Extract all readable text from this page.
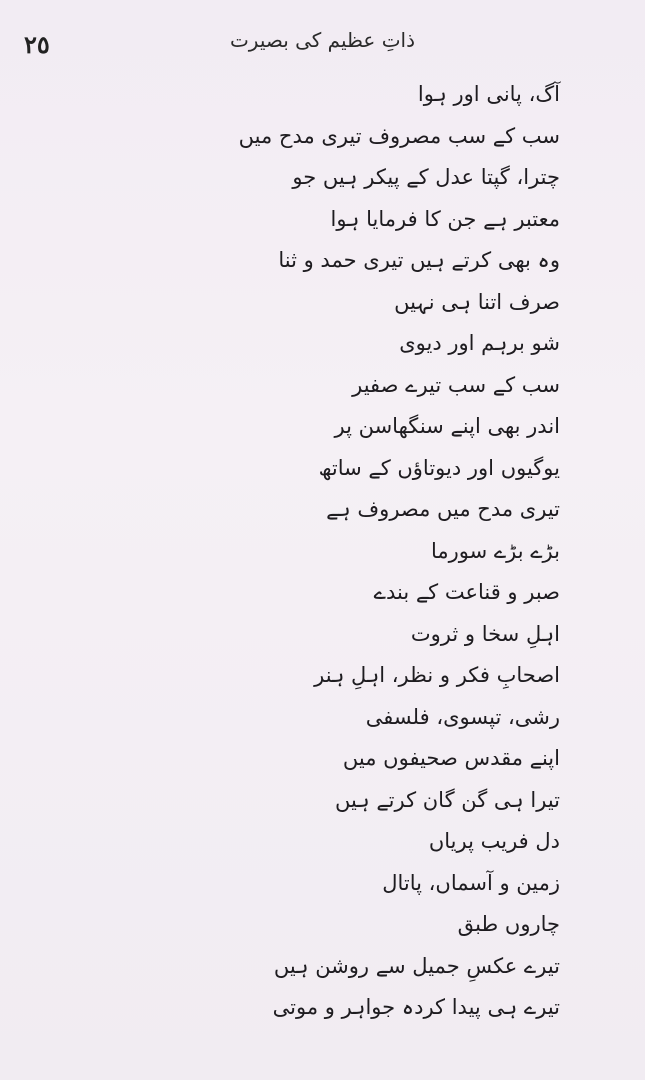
٢٥	ذاتِ عظیم کی بصیرت
آگ، پانی اور ہوا
سب کے سب مصروف تیری مدح میں
چترا، گپتا عدل کے پیکر ہیں جو
معتبر ہے جن کا فرمایا ہوا
وہ بھی کرتے ہیں تیری حمد و ثنا
صرف اتنا ہی نہیں
شو برہم اور دیوی
سب کے سب تیرے صفیر
اندر بھی اپنے سنگھاسن پر
یوگیوں اور دیوتاؤں کے ساتھ
تیری مدح میں مصروف ہے
بڑے بڑے سورما
صبر و قناعت کے بندے
اہلِ سخا و ثروت
اصحابِ فکر و نظر، اہلِ ہنر
رشی، تپسوی، فلسفی
اپنے مقدس صحیفوں میں
تیرا ہی گن گان کرتے ہیں
دل فریب پریاں
زمین و آسماں، پاتال
چاروں طبق
تیرے عکسِ جمیل سے روشن ہیں
تیرے ہی پیدا کردہ جواہر و موتی
